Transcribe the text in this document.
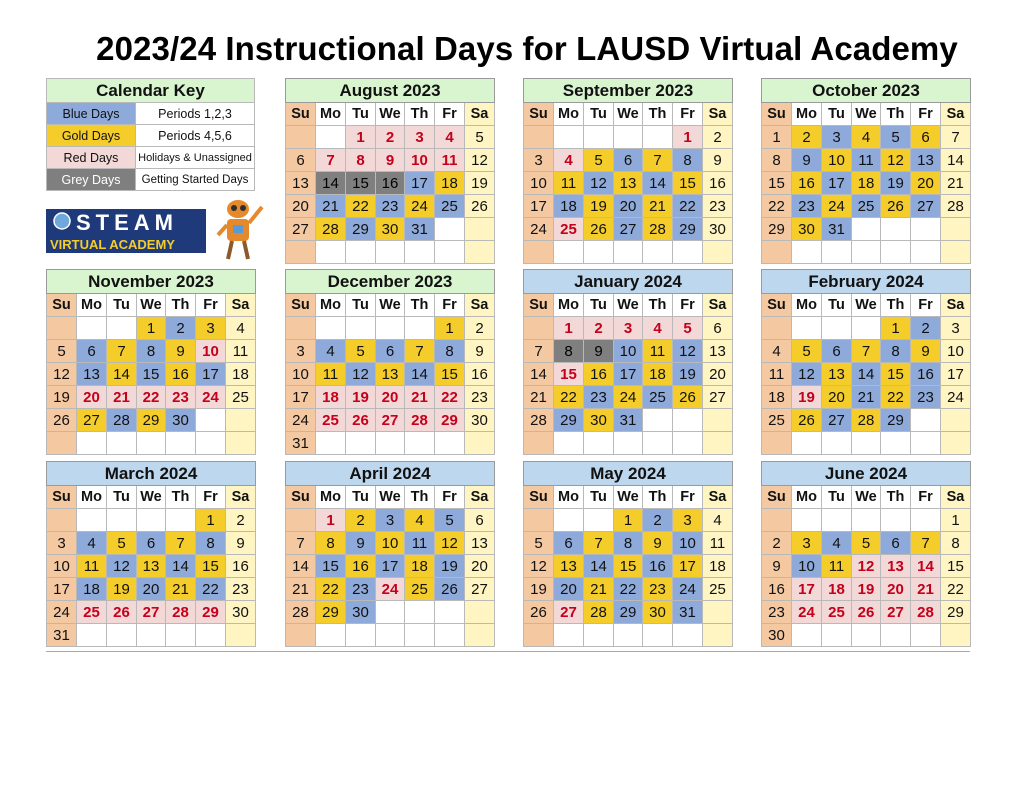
2023/24 Instructional Days for LAUSD Virtual Academy
Calendar Key	
Blue Days	Periods 1,2,3
Gold Days	Periods 4,5,6
Red Days	Holidays & Unassigned
Grey Days	Getting Started Days
STEAM
VIRTUAL ACADEMY
August 2023						
Su	Mo	Tu	We	Th	Fr	Sa
		1	2	3	4	5
6	7	8	9	10	11	12
13	14	15	16	17	18	19
20	21	22	23	24	25	26
27	28	29	30	31		

September 2023						
Su	Mo	Tu	We	Th	Fr	Sa
					1	2
3	4	5	6	7	8	9
10	11	12	13	14	15	16
17	18	19	20	21	22	23
24	25	26	27	28	29	30

October 2023						
Su	Mo	Tu	We	Th	Fr	Sa
1	2	3	4	5	6	7
8	9	10	11	12	13	14
15	16	17	18	19	20	21
22	23	24	25	26	27	28
29	30	31				

November 2023						
Su	Mo	Tu	We	Th	Fr	Sa
			1	2	3	4
5	6	7	8	9	10	11
12	13	14	15	16	17	18
19	20	21	22	23	24	25
26	27	28	29	30		

December 2023						
Su	Mo	Tu	We	Th	Fr	Sa
					1	2
3	4	5	6	7	8	9
10	11	12	13	14	15	16
17	18	19	20	21	22	23
24	25	26	27	28	29	30
31						
January 2024						
Su	Mo	Tu	We	Th	Fr	Sa
	1	2	3	4	5	6
7	8	9	10	11	12	13
14	15	16	17	18	19	20
21	22	23	24	25	26	27
28	29	30	31			

February 2024						
Su	Mo	Tu	We	Th	Fr	Sa
				1	2	3
4	5	6	7	8	9	10
11	12	13	14	15	16	17
18	19	20	21	22	23	24
25	26	27	28	29		

March 2024						
Su	Mo	Tu	We	Th	Fr	Sa
					1	2
3	4	5	6	7	8	9
10	11	12	13	14	15	16
17	18	19	20	21	22	23
24	25	26	27	28	29	30
31						
April 2024						
Su	Mo	Tu	We	Th	Fr	Sa
	1	2	3	4	5	6
7	8	9	10	11	12	13
14	15	16	17	18	19	20
21	22	23	24	25	26	27
28	29	30				

May 2024						
Su	Mo	Tu	We	Th	Fr	Sa
			1	2	3	4
5	6	7	8	9	10	11
12	13	14	15	16	17	18
19	20	21	22	23	24	25
26	27	28	29	30	31	

June 2024						
Su	Mo	Tu	We	Th	Fr	Sa
						1
2	3	4	5	6	7	8
9	10	11	12	13	14	15
16	17	18	19	20	21	22
23	24	25	26	27	28	29
30						
